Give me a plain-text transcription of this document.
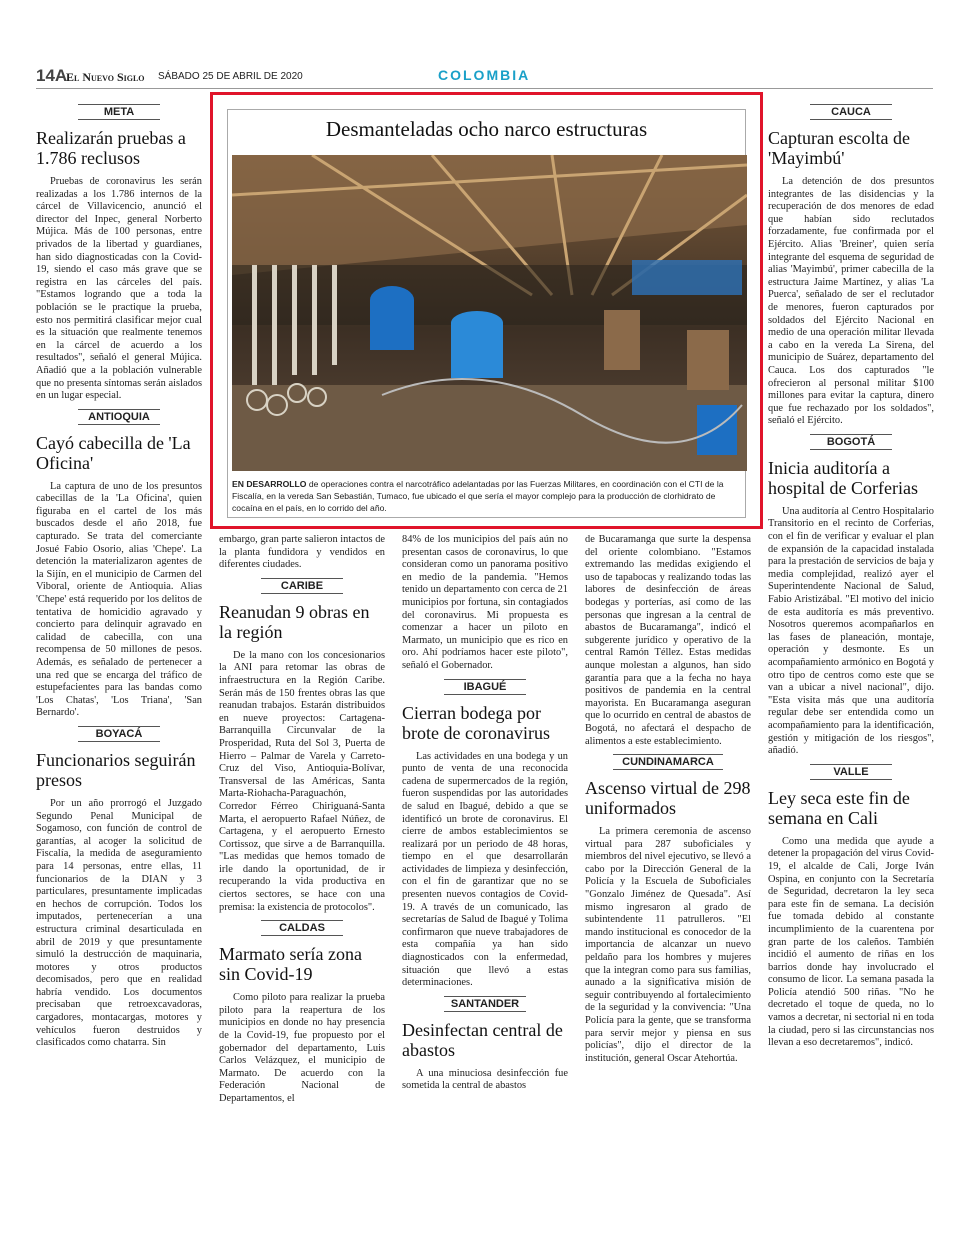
14A
El Nuevo Siglo SÁBADO 25 DE ABRIL DE 2020	COLOMBIA
META
Realizarán pruebas a 1.786 reclusos

Pruebas de coronavirus les serán realizadas a los 1.786 internos de la cárcel de Villavicencio, anunció el director del Inpec, general Norberto Mújica. Más de 100 personas, entre privados de la libertad y guardianes, han sido diagnosticadas con la Covid-19, siendo el caso más grave que se registra en las cárceles del país. "Estamos logrando que a toda la población se le practique la prueba, esto nos permitirá clasificar mejor cual es la situación que realmente tenemos en la cárcel de acuerdo a los resultados", señaló el general Mújica. Añadió que a la población vulnerable que no presenta síntomas serán aislados en un lugar especial.

ANTIOQUIA
Cayó cabecilla de 'La Oficina'

La captura de uno de los presuntos cabecillas de la 'La Oficina', quien figuraba en el cartel de los más buscados desde el año 2018, fue capturado. Se trata del comerciante Josué Fabio Osorio, alias 'Chepe'. La detención la materializaron agentes de la Sijín, en el municipio de Carmen del Viboral, oriente de Antioquia. Alias 'Chepe' está requerido por los delitos de tentativa de homicidio agravado y concierto para delinquir agravado en calidad de cabecilla, con una recompensa de 50 millones de pesos. Además, es señalado de pertenecer a una red que se encarga del tráfico de estupefacientes para las bandas como 'Los Chatas', 'Los Triana', 'San Bernardo'.

BOYACÁ
Funcionarios seguirán presos

Por un año prorrogó el Juzgado Segundo Penal Municipal de Sogamoso, con función de control de garantías, al acoger la solicitud de Fiscalía, la medida de aseguramiento para 14 personas, entre ellas, 11 funcionarios de la DIAN y 3 particulares, presuntamente implicadas en hechos de corrupción. Todos los imputados, pertenecerían a una estructura criminal desarticulada en abril de 2019 y que presuntamente simuló la destrucción de maquinaria, motores y otros productos decomisados, pero que en realidad habría vendido. Los documentos precisaban que retroexcavadoras, cargadores, montacargas, motores y vehículos fueron destruidos y clasificados como chatarra. Sin

Desmanteladas ocho narco estructuras
EN DESARROLLO de operaciones contra el narcotráfico adelantadas por las Fuerzas Militares, en coordinación con el CTI de la Fiscalía, en la vereda San Sebastián, Tumaco, fue ubicado el que sería el mayor complejo para la producción de clorhidrato de cocaína en el país, en lo corrido del año.

embargo, gran parte salieron intactos de la planta fundidora y vendidos en diferentes ciudades.

CARIBE
Reanudan 9 obras en la región

De la mano con los concesionarios la ANI para retomar las obras de infraestructura en la Región Caribe. Serán más de 150 frentes obras las que reanudan trabajos. Estarán distribuidos en nueve proyectos: Cartagena-Barranquilla Circunvalar de la Prosperidad, Ruta del Sol 3, Puerta de Hierro – Palmar de Varela y Carreto-Cruz del Viso, Antioquia-Bolívar, Transversal de las Américas, Santa Marta-Riohacha-Paraguachón, Corredor Férreo Chiriguaná-Santa Marta, el aeropuerto Rafael Núñez, de Cartagena, y el aeropuerto Ernesto Cortissoz, que sirve a de Barranquilla. "Las medidas que hemos tomado de irle dando la oportunidad, de ir recuperando la vida productiva en ciertos sectores, se hace con una premisa: la existencia de protocolos".

CALDAS
Marmato sería zona sin Covid-19

Como piloto para realizar la prueba piloto para la reapertura de los municipios en donde no hay presencia de la Covid-19, fue propuesto por el gobernador del departamento, Luis Carlos Velázquez, el municipio de Marmato. De acuerdo con la Federación Nacional de Departamentos, el

84% de los municipios del país aún no presentan casos de coronavirus, lo que consideran como un panorama positivo en medio de la pandemia. "Hemos tenido un departamento con cerca de 21 municipios por fortuna, sin contagiados del coronavirus. Mi propuesta es comenzar a hacer un piloto en Marmato, un municipio que es rico en oro. Ahí podríamos hacer este piloto", señaló el Gobernador.

IBAGUÉ
Cierran bodega por brote de coronavirus

Las actividades en una bodega y un punto de venta de una reconocida cadena de supermercados de la región, fueron suspendidas por las autoridades de salud en Ibagué, debido a que se identificó un brote de coronavirus. El cierre de ambos establecimientos se realizará por un periodo de 48 horas, tiempo en el que desarrollarán actividades de limpieza y desinfección, con el fin de garantizar que no se presenten nuevos contagios de Covid-19. A través de un comunicado, las secretarías de Salud de Ibagué y Tolima confirmaron que nueve trabajadores de esta compañía ya han sido diagnosticados con la enfermedad, situación que llevó a estas determinaciones.

SANTANDER
Desinfectan central de abastos

A una minuciosa desinfección fue sometida la central de abastos

de Bucaramanga que surte la despensa del oriente colombiano. "Estamos extremando las medidas exigiendo el uso de tapabocas y realizando todas las labores de desinfección de áreas bodegas y porterías, así como de las personas que ingresan a la central de abastos de Bucaramanga", indicó el subgerente jurídico y operativo de la central Ramón Téllez. Estas medidas aunque molestan a algunos, han sido garantía para que a la fecha no haya positivos de pandemia en la central mayorista. En Bucaramanga aseguran que lo ocurrido en central de abastos de Bogotá, no afectará el despacho de alimentos a este establecimiento.

CUNDINAMARCA
Ascenso virtual de 298 uniformados

La primera ceremonia de ascenso virtual para 287 suboficiales y miembros del nivel ejecutivo, se llevó a cabo por la Dirección General de la Policía y la Escuela de Suboficiales "Gonzalo Jiménez de Quesada". Así mismo ingresaron al grado de subintendente 11 patrulleros. "El mando institucional es conocedor de la importancia de alcanzar un nuevo peldaño para los hombres y mujeres que la integran como para sus familias, aunado a la significativa misión de seguir contribuyendo al fortalecimiento de la seguridad y la convivencia: "Una Policía para la gente, que se transforma para servir mejor y piensa en sus policías", dijo el director de la institución, general Oscar Atehortúa.

CAUCA
Capturan escolta de 'Mayimbú'

La detención de dos presuntos integrantes de las disidencias y la recuperación de dos menores de edad que habían sido reclutados forzadamente, fue confirmada por el Ejército. Alias 'Breiner', quien sería integrante del esquema de seguridad de alias 'Mayimbú', primer cabecilla de la estructura Jaime Martínez, y alias 'La Puerca', señalado de ser el reclutador de menores, fueron capturados por soldados del Ejército Nacional en medio de una operación militar llevada a cabo en la vereda La Sirena, del municipio de Suárez, departamento del Cauca. Los dos capturados "le ofrecieron al personal militar $100 millones para evitar la captura, dinero que fue rechazado por los soldados", señaló el Ejército.

BOGOTÁ
Inicia auditoría a hospital de Corferias

Una auditoría al Centro Hospitalario Transitorio en el recinto de Corferias, con el fin de verificar y evaluar el plan de expansión de la capacidad instalada para la prestación de servicios de baja y media complejidad, realizó ayer el Superintendente Nacional de Salud, Fabio Aristizábal. "El motivo del inicio de esta auditoría es más preventivo. Nosotros queremos acompañarlos en las fases de planeación, montaje, operación y desmonte. Es un acompañamiento armónico en Bogotá y otro tipo de centros como este que se van a ubicar a nivel nacional", dijo. "Esta visita más que una auditoría regular debe ser entendida como un acompañamiento para la identificación, gestión y mitigación de los riesgos", añadió.

VALLE
Ley seca este fin de semana en Cali

Como una medida que ayude a detener la propagación del virus Covid-19, el alcalde de Cali, Jorge Iván Ospina, en conjunto con la Secretaría de Seguridad, decretaron la ley seca para este fin de semana. La decisión fue tomada debido al constante incumplimiento de la cuarentena por gran parte de los caleños. También incidió el aumento de riñas en los barrios donde hay involucrado el consumo de licor. La semana pasada la Policía atendió 500 riñas. "No he decretado el toque de queda, no lo vamos a decretar, ni sectorial ni en toda la ciudad, pero si las circunstancias nos llevan a eso decretaremos", indicó.
